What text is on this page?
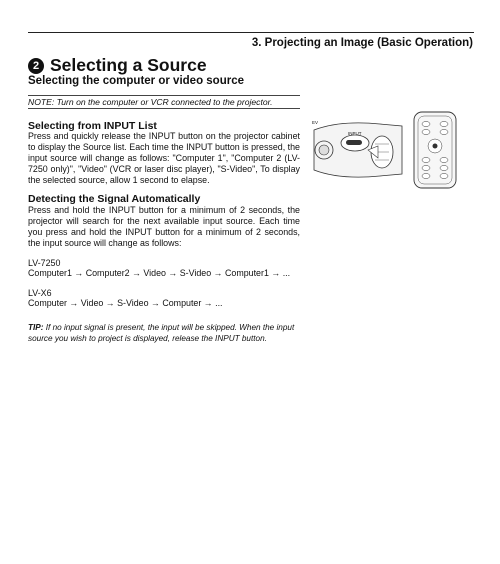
3. Projecting an Image (Basic Operation)
2 Selecting a Source
Selecting the computer or video source
NOTE: Turn on the computer or VCR connected to the projector.
Selecting from INPUT List

Press and quickly release the INPUT button on the projector cabinet to display the Source list. Each time the INPUT button is pressed, the input source will change as follows: "Computer 1", "Computer 2 (LV-7250 only)", "Video" (VCR or laser disc player), "S-Video", To display the selected source, allow 1 second to elapse.

Detecting the Signal Automatically

Press and hold the INPUT button for a minimum of 2 seconds, the projector will search for the next available input source. Each time you press and hold the INPUT button for a minimum of 2 seconds, the input source will change as follows:

LV-7250
Computer1 → Computer2 → Video → S-Video → Computer1 → ...
LV-X6
Computer → Video → S-Video → Computer → ...
TIP: If no input signal is present, the input will be skipped. When the input source you wish to project is displayed, release the INPUT button.
INPUT
EV
